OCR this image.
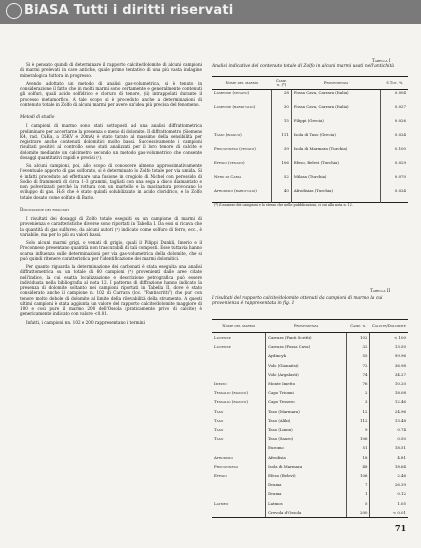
BiASA Tutti i diritti riservati

Si è pensato quindi di determinare il rapporto calcite/dolomite di alcuni campioni di marmi prelevati in cave antiche, quale primo tentativo di una più vasta indagine mineralogica tuttora in progresso.

Avendo adottato un metodo di analisi gas-volumetrica, si è tenuto in considerazione il fatto che in molti marmi sono certamente e generalmente contenuti gli solfuri, quali acido solfidrico e cloruro di tenore, (ii) intrappolati durante il processo metamorfico. A tale scopo si è proceduto anche a determinazioni di contenuto totale in Zolfo di alcuni marmi per avere un'idea più precisa del fenomeno.

Metodi di studio

I campioni di marmo sono stati sottoposti ad una analisi diffrattometrica preliminare per accertarne la presenza o meno di dolomite. Il diffrattometro (Siemens K4, rad. CuKα, a 35KV e 20mA) è stato tarato al massimo della sensibilità per registrare anche contenuti dolomitici molto bassi. Successivamente i campioni risultati positivi al controllo sono stati analizzati per il loro tenore di calcite e dolomite mediante un calcimetro secondo un metodo gas-volumetrico che consente dosaggi quantitativi rapidi e precisi (²).

Su alcuni campioni, poi, allo scopo di conoscere almeno approssimativamente l'eventuale apporto di gas solforato, si è determinato lo Zolfo totale per via umida. Si è infatti proceduto ad effettuare una fusione in crogiolo di Nichel con perossido di Sodio di frammenti di circa 1–3 grammi, tagliati con una sega a disco diamantato e non polverizzati perché la rottura con un martello e la macinatura provocano lo sviluppo di gas. H₂S che è stato quindi solubilizzato in acido cloridrico, e lo Zolfo totale dosato come solfato di Bario.

Discussione dei risultati

I risultati dei dosaggi di Zolfo totale eseguiti su un campione di marmi di provenienza e caratteristiche diverse sono riportati in Tabella I. Da essi si ricava che la quantità di gas sulfureo, da alcuni autori (³) indicato come solfuro di ferro, ecc., è variabile, ma per lo più su valori bassi.

Solo alcuni marmi grigi, o venati di grigio, quali il Pilippi Dunkli, Imerio e il Proconneso presentano quantità non trascurabili di tali composti. Esse tuttavia hanno scarsa influenza sulle determinazioni per via gas-volumetrica della dolomite, che si può quindi ritenere caratteristica per l'identificazione dei marmi dolomitici.

Per quanto riguarda la determinazione dei carbonati è stata eseguita una analisi diffrattometrica su un totale di 60 campioni (⁴) provenienti dalle aree citate nell'indice, la cui esatta localizzazione e descrizione petrografica può essere individuata nella bibliografia al nota 12. I patterns di diffrazione hanno indicato la presenza di dolomite soltanto nei campioni riportati in Tabella II, dove è stato considerato anche il campione n. 102 di Carrara (loc. "Fantiscritti") che pur con tenore molto debole di dolomite al limite della rilevabilità della strumento. A questi ultimi campioni è stata aggiunta un valore del rapporto calcite/dolomite maggiore di 100 e così pure il marmo 200 dell'Ossola (praticamente privo di calcite) è genericamente indicato con valore <0.01.

Infatti, i campioni nn. 102 e 200 rappresentano i termini

Tabella I
Analisi indicative del contenuto totale di Zolfo in alcuni marmi usati nell'antichità
Nome del marmo	Camp. n. (*)	Provenienza	S Tot. %
Lumense (venato)	28	Fossa Cava, Carrara (Italia)	0.004
Lumense (bardi-glio)	30	Fossa Cava, Carrara (Italia)	0.027
	15	Filippi (Grecia)	0.026
Tasio (bianco)	111	Isola di Taso (Grecia)	0.024
Proconneso (venato)	39	Isola di Marmara (Turchia)	0.100
Efesio (venato)	106	Efeso, Belevi (Turchia)	0.029
Nero di Caria	52	Milasa (Turchia)	0.070
Afrodisio (bardi-glio)	40	Afrodisias (Turchia)	0.024
(*) il numero dei campioni e lo stesso che nelle pubblicazioni, ci cui alla nota n. 12.			
Tabella II
I risultati del rapporto calcite/dolomite ottenuti da campioni di marmo la cui provenienza è rappresentata in fig. 1
Nome del marmo	Provenienza	Camp. n.	Calcite/Dolomite
Lunense	Carrara (Fanti Scritti)	102	< 100
Lunense	Carrara (Fossa Cava)	32	13.50
	Aydincyk	55	99.96
	Volo (Giannitsi)	72	36.98
	Volo (Argalasti)	74	34.27
Imezio	Monte Imetto	76	10.20
Tessalio (bianco)	Capo Trionni	2	18.08
Tessalio (bianco)	Capo Tessero	3	12.46
Taso	Taso (Marmara)	12	24.96
Taso	Taso (Aliki)	112	13.48
Taso	Taso (Limin)	9	0.74
Taso	Taso (Sauro)	106	0.50
	Euromo	51	18.51
Afrodisio	Afrodisia	18	4.81
Proconneso	Isola di Marmara	48	18.64
Efesio	Efeso (Belevi)	106	2.46
	Drama	7	26.39
	Drama	1	0.12
Latmeo	Latmos	5	1.05
	Crevola d'Ossola	200	< 0.01
71
